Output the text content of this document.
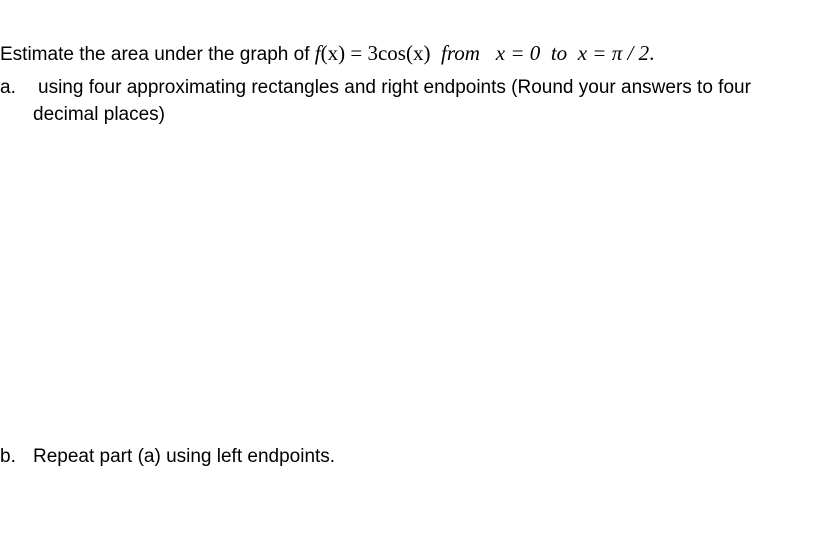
Estimate the area under the graph of f(x) = 3cos(x) from x = 0 to x = π / 2.
a. using four approximating rectangles and right endpoints (Round your answers to four
decimal places)
b. Repeat part (a) using left endpoints.
